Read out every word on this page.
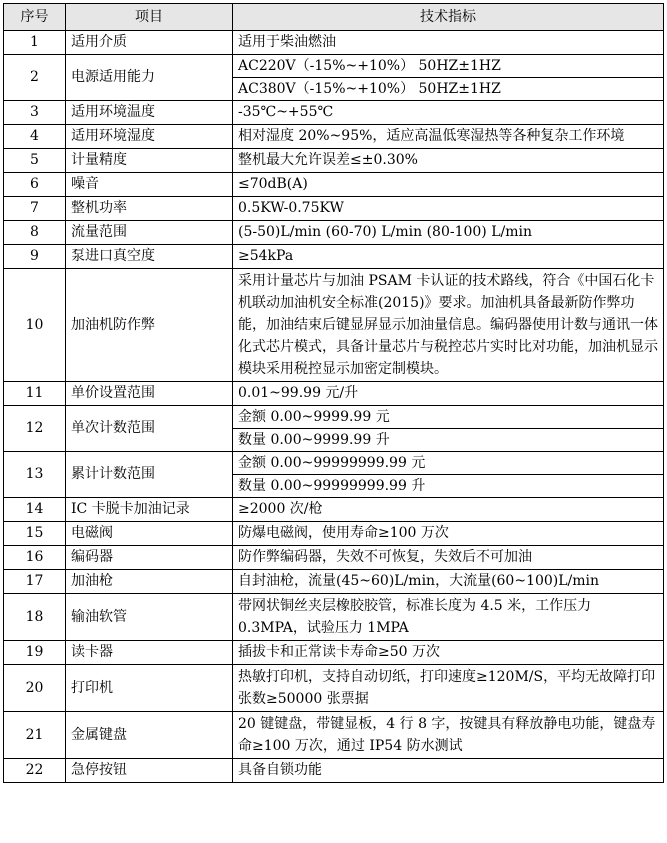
序号	项目	技术指标
1	适用介质	适用于柴油燃油
2	电源适用能力	AC220V（-15%~+10%） 50HZ±1HZ
		AC380V（-15%~+10%） 50HZ±1HZ
3	适用环境温度	-35℃~+55℃
4	适用环境湿度	相对湿度 20%~95%，适应高温低寒湿热等各种复杂工作环境
5	计量精度	整机最大允许误差≤±0.30%
6	噪音	≤70dB(A)
7	整机功率	0.5KW-0.75KW
8	流量范围	(5-50)L/min (60-70) L/min (80-100) L/min
9	泵进口真空度	≥54kPa
10	加油机防作弊	采用计量芯片与加油 PSAM 卡认证的技术路线，符合《中国石化卡机联动加油机安全标准(2015)》要求。加油机具备最新防作弊功能，加油结束后键显屏显示加油量信息。编码器使用计数与通讯一体化式芯片模式，具备计量芯片与税控芯片实时比对功能，加油机显示模块采用税控显示加密定制模块。
11	单价设置范围	0.01~99.99 元/升
12	单次计数范围	金额 0.00~9999.99 元
		数量 0.00~9999.99 升
13	累计计数范围	金额 0.00~99999999.99 元
		数量 0.00~99999999.99 升
14	IC 卡脱卡加油记录	≥2000 次/枪
15	电磁阀	防爆电磁阀，使用寿命≥100 万次
16	编码器	防作弊编码器，失效不可恢复，失效后不可加油
17	加油枪	自封油枪，流量(45~60)L/min，大流量(60~100)L/min
18	输油软管	带网状铜丝夹层橡胶胶管，标准长度为 4.5 米，工作压力 0.3MPA，试验压力 1MPA
19	读卡器	插拔卡和正常读卡寿命≥50 万次
20	打印机	热敏打印机，支持自动切纸，打印速度≥120M/S，平均无故障打印张数≥50000 张票据
21	金属键盘	20 键键盘，带键显板，4 行 8 字，按键具有释放静电功能，键盘寿命≥100 万次，通过 IP54 防水测试
22	急停按钮	具备自锁功能
